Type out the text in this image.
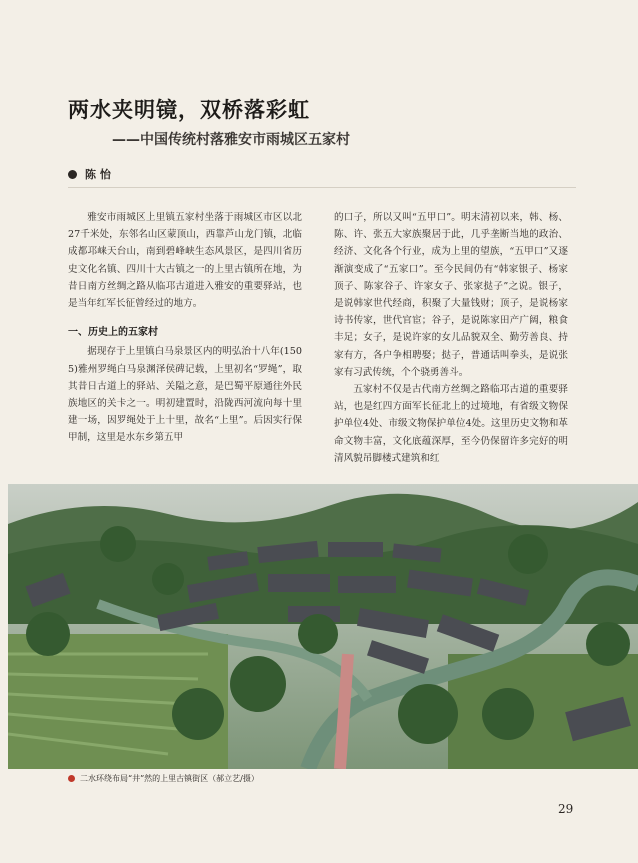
两水夹明镜，双桥落彩虹
——中国传统村落雅安市雨城区五家村
陈 怡

雅安市雨城区上里镇五家村坐落于雨城区市区以北27千米处，东邻名山区蒙顶山，西靠芦山龙门镇，北临成都邛崃天台山，南到碧峰峡生态风景区，是四川省历史文化名镇、四川十大古镇之一的上里古镇所在地，为昔日南方丝绸之路从临邛古道进入雅安的重要驿站，也是当年红军长征曾经过的地方。

一、历史上的五家村

据现存于上里镇白马泉景区内的明弘治十八年(1505)雅州罗绳白马泉渊泽侯碑记载，上里初名“罗绳”，取其昔日古道上的驿站、关隘之意，是巴蜀平原通往外民族地区的关卡之一。明初建置时，沿陇西河流向每十里建一场，因罗绳处于上十里，故名“上里”。后因实行保甲制，这里是水东乡第五甲

的口子，所以又叫“五甲口”。明末清初以来，韩、杨、陈、许、张五大家族聚居于此，几乎垄断当地的政治、经济、文化各个行业，成为上里的望族，“五甲口”又逐渐演变成了“五家口”。至今民间仍有“韩家银子、杨家顶子、陈家谷子、许家女子、张家挞子”之说。银子，是说韩家世代经商，积聚了大量钱财；顶子，是说杨家诗书传家，世代官宦；谷子，是说陈家田产广阔，粮食丰足；女子，是说许家的女儿品貌双全、勤劳善良、持家有方，各户争相聘娶；挞子，普通话叫拳头，是说张家有习武传统，个个骁勇善斗。

五家村不仅是古代南方丝绸之路临邛古道的重要驿站，也是红四方面军长征北上的过境地，有省级文物保护单位4处、市级文物保护单位4处。这里历史文物和革命文物丰富，文化底蕴深厚，至今仍保留许多完好的明清风貌吊脚楼式建筑和红

二水环绕布局“井”然的上里古镇街区（郝立艺/摄）
29
